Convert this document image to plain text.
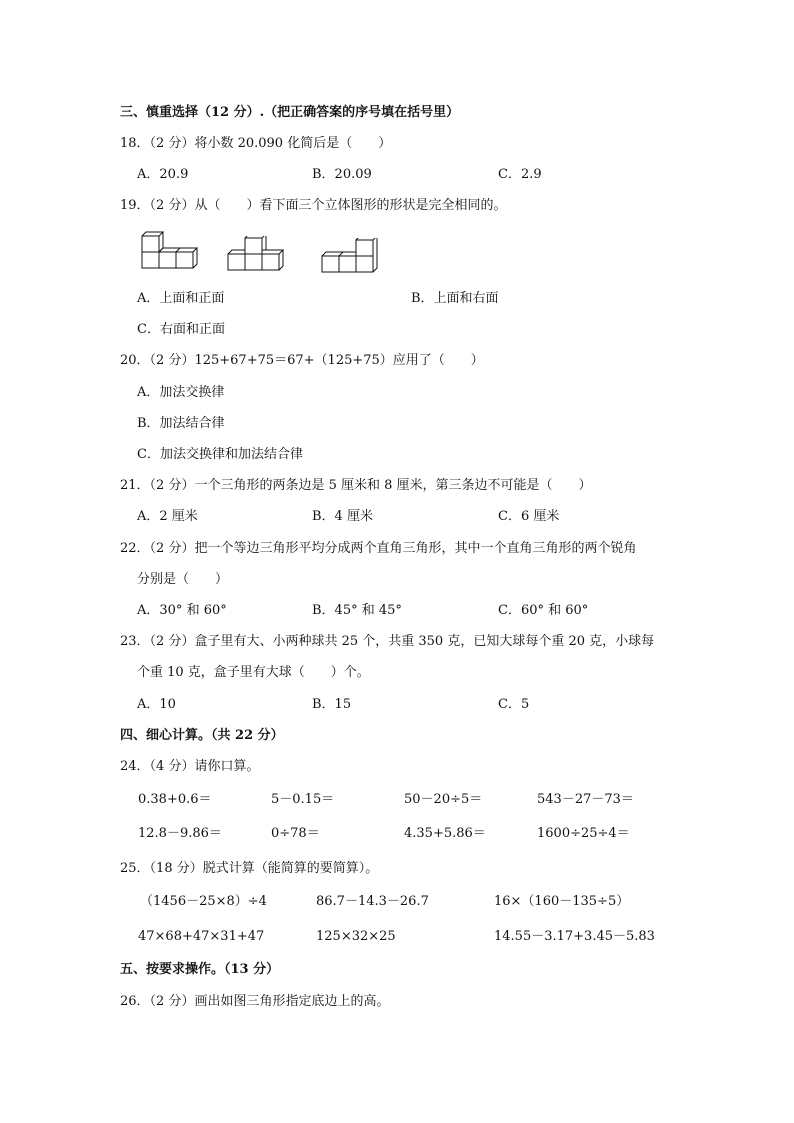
三、慎重选择（12 分）.（把正确答案的序号填在括号里）
18．（2 分）将小数 20.090 化简后是（　　）
A．20.9	B．20.09	C．2.9
19．（2 分）从（　　）看下面三个立体图形的形状是完全相同的。
A．上面和正面	B．上面和右面
C．右面和正面
20．（2 分）125+67+75＝67+（125+75）应用了（　　）
A．加法交换律
B．加法结合律
C．加法交换律和加法结合律
21．（2 分）一个三角形的两条边是 5 厘米和 8 厘米，第三条边不可能是（　　）
A．2 厘米	B．4 厘米	C．6 厘米
22．（2 分）把一个等边三角形平均分成两个直角三角形，其中一个直角三角形的两个锐角
分别是（　　）
A．30° 和 60°	B．45° 和 45°	C．60° 和 60°
23．（2 分）盒子里有大、小两种球共 25 个，共重 350 克，已知大球每个重 20 克，小球每
个重 10 克，盒子里有大球（　　）个。
A．10	B．15	C．5
四、细心计算。（共 22 分）
24．（4 分）请你口算。
0.38+0.6＝	5－0.15＝	50－20÷5＝	543－27－73＝
12.8－9.86＝	0÷78＝	4.35+5.86＝	1600÷25÷4＝
25．（18 分）脱式计算（能简算的要简算）。
（1456－25×8）÷4	86.7－14.3－26.7	16×（160－135÷5）
47×68+47×31+47	125×32×25	14.55－3.17+3.45－5.83
五、按要求操作。（13 分）
26．（2 分）画出如图三角形指定底边上的高。
